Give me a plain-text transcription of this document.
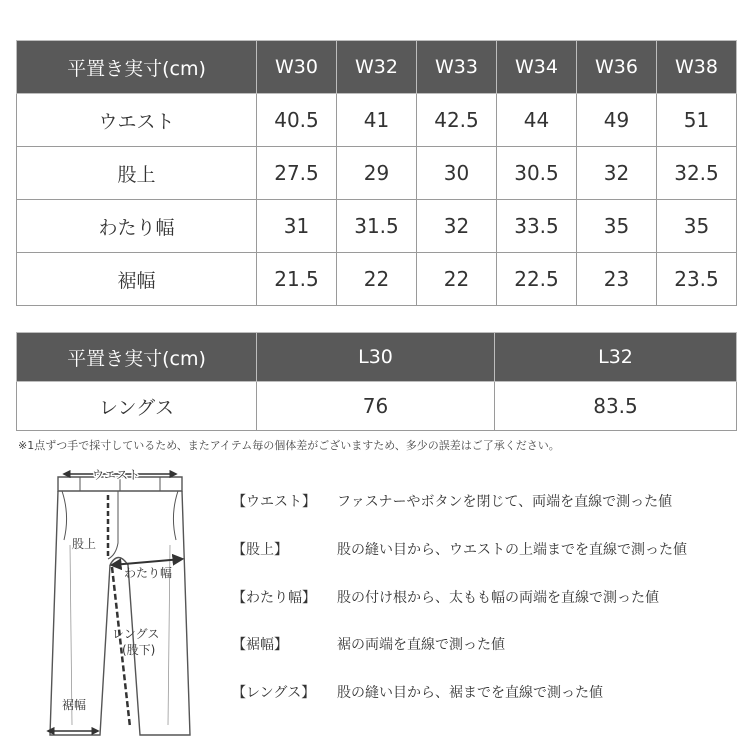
平置き実寸(cm)	W30	W32	W33	W34	W36	W38
ウエスト	40.5	41	42.5	44	49	51
股上	27.5	29	30	30.5	32	32.5
わたり幅	31	31.5	32	33.5	35	35
裾幅	21.5	22	22	22.5	23	23.5
平置き実寸(cm)	L30	L32
レングス	76	83.5
※1点ずつ手で採寸しているため、またアイテム毎の個体差がございますため、多少の誤差はご了承ください。
ウエスト
股上
わたり幅
レングス
(股下)
裾幅
【ウエスト】 ファスナーやボタンを閉じて、両端を直線で測った値
【股上】	股の縫い目から、ウエストの上端までを直線で測った値
【わたり幅】 股の付け根から、太もも幅の両端を直線で測った値
【裾幅】	裾の両端を直線で測った値
【レングス】 股の縫い目から、裾までを直線で測った値
